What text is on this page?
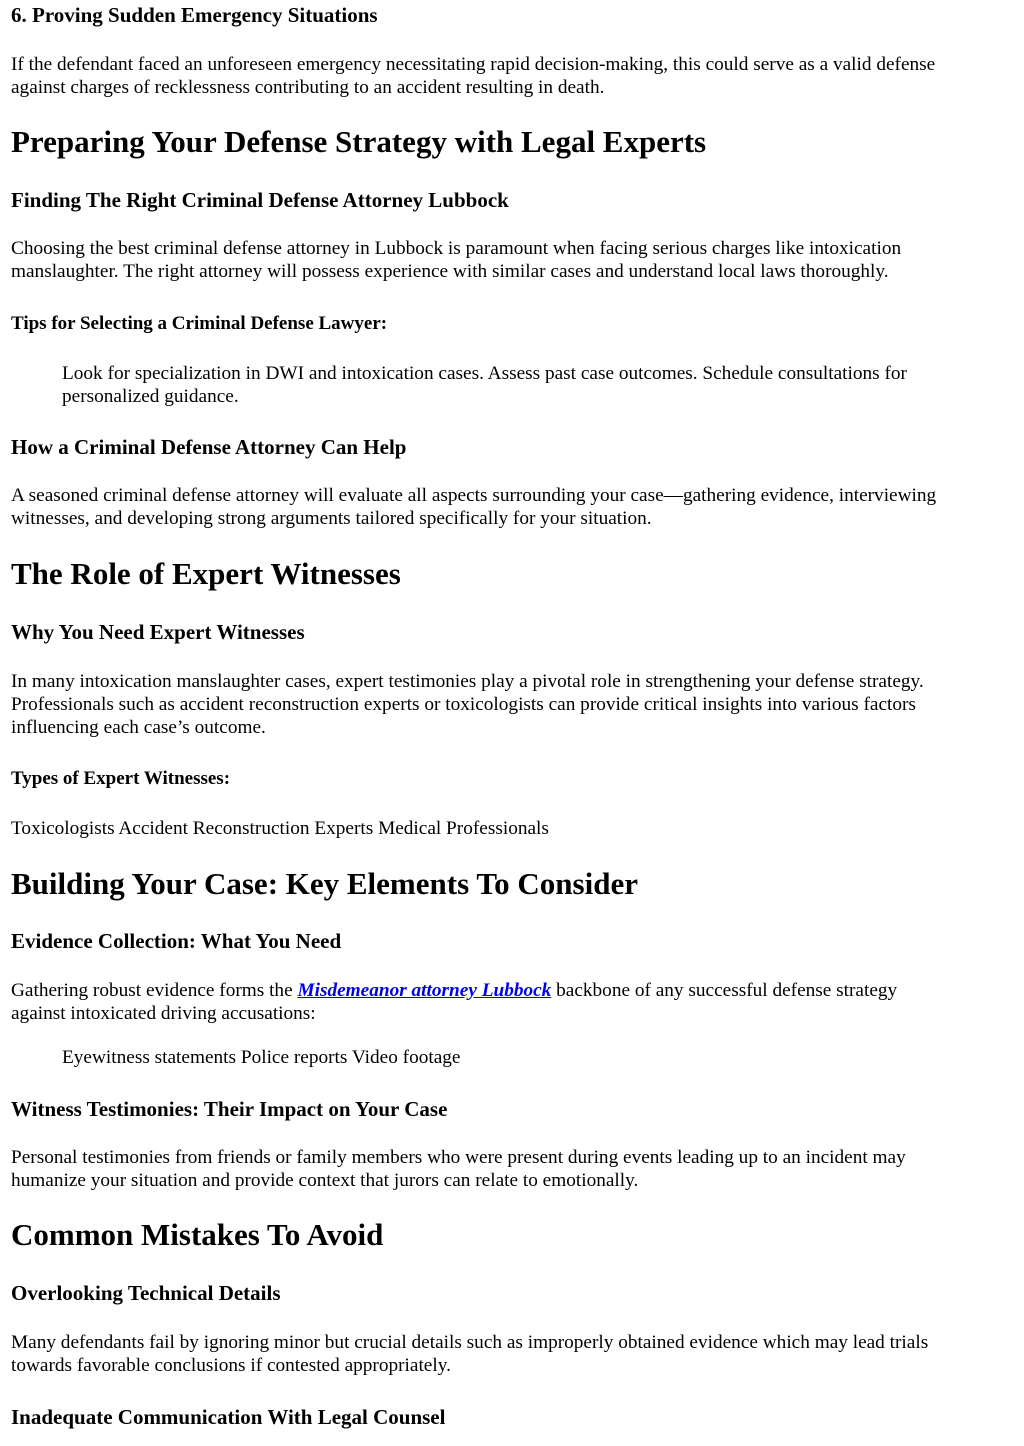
6. Proving Sudden Emergency Situations
If the defendant faced an unforeseen emergency necessitating rapid decision-making, this could serve as a valid defense
against charges of recklessness contributing to an accident resulting in death.
Preparing Your Defense Strategy with Legal Experts
Finding The Right Criminal Defense Attorney Lubbock
Choosing the best criminal defense attorney in Lubbock is paramount when facing serious charges like intoxication
manslaughter. The right attorney will possess experience with similar cases and understand local laws thoroughly.
Tips for Selecting a Criminal Defense Lawyer:
Look for specialization in DWI and intoxication cases. Assess past case outcomes. Schedule consultations for
personalized guidance.
How a Criminal Defense Attorney Can Help
A seasoned criminal defense attorney will evaluate all aspects surrounding your case—gathering evidence, interviewing
witnesses, and developing strong arguments tailored specifically for your situation.
The Role of Expert Witnesses
Why You Need Expert Witnesses
In many intoxication manslaughter cases, expert testimonies play a pivotal role in strengthening your defense strategy.
Professionals such as accident reconstruction experts or toxicologists can provide critical insights into various factors
influencing each case’s outcome.
Types of Expert Witnesses:
Toxicologists Accident Reconstruction Experts Medical Professionals
Building Your Case: Key Elements To Consider
Evidence Collection: What You Need
Gathering robust evidence forms the Misdemeanor attorney Lubbock backbone of any successful defense strategy
against intoxicated driving accusations:
Eyewitness statements Police reports Video footage
Witness Testimonies: Their Impact on Your Case
Personal testimonies from friends or family members who were present during events leading up to an incident may
humanize your situation and provide context that jurors can relate to emotionally.
Common Mistakes To Avoid
Overlooking Technical Details
Many defendants fail by ignoring minor but crucial details such as improperly obtained evidence which may lead trials
towards favorable conclusions if contested appropriately.
Inadequate Communication With Legal Counsel
